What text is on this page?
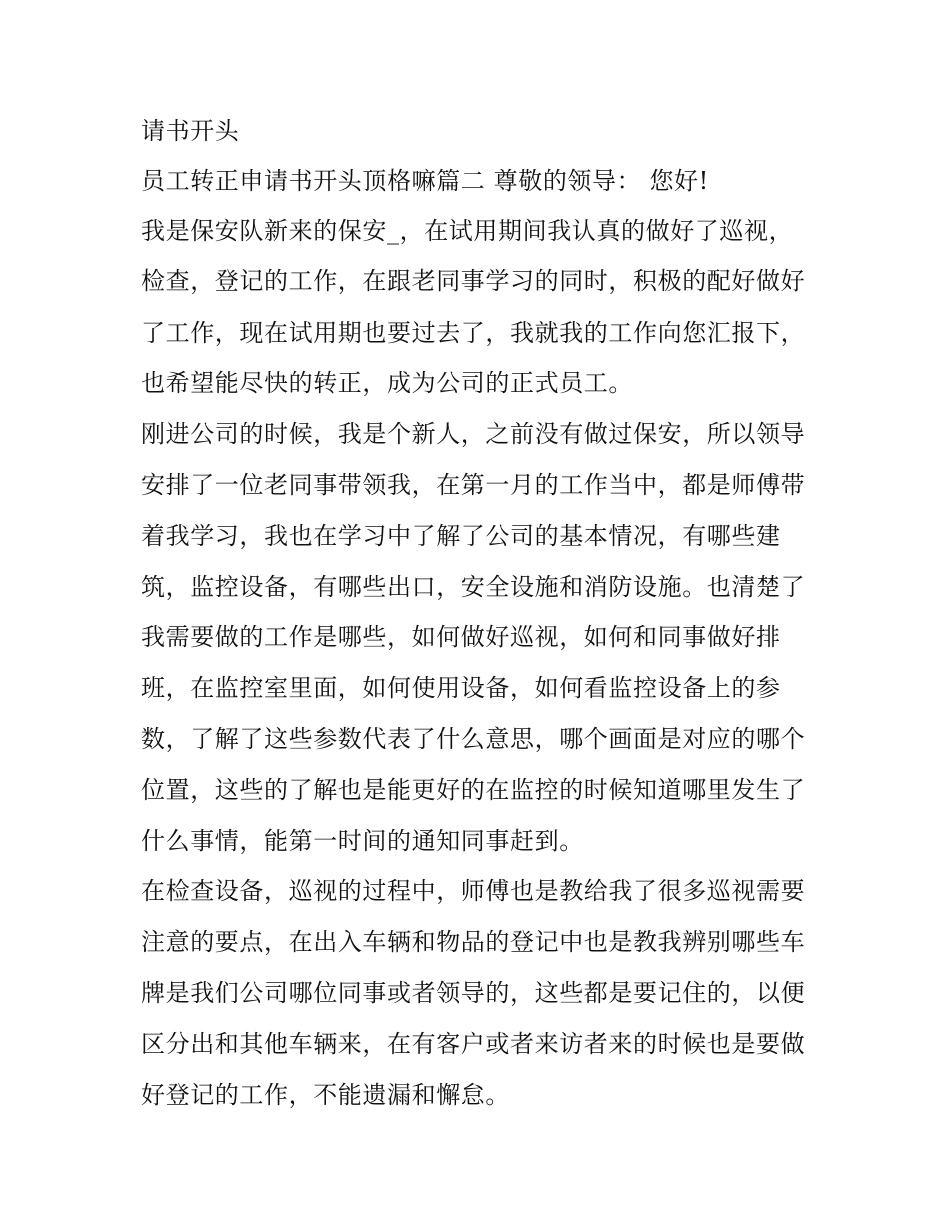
请书开头

员工转正申请书开头顶格嘛篇二 尊敬的领导： 您好!

我是保安队新来的保安_，在试用期间我认真的做好了巡视，

检查，登记的工作，在跟老同事学习的同时，积极的配好做好

了工作，现在试用期也要过去了，我就我的工作向您汇报下，

也希望能尽快的转正，成为公司的正式员工。

刚进公司的时候，我是个新人，之前没有做过保安，所以领导

安排了一位老同事带领我，在第一月的工作当中，都是师傅带

着我学习，我也在学习中了解了公司的基本情况，有哪些建

筑，监控设备，有哪些出口，安全设施和消防设施。也清楚了

我需要做的工作是哪些，如何做好巡视，如何和同事做好排

班，在监控室里面，如何使用设备，如何看监控设备上的参

数，了解了这些参数代表了什么意思，哪个画面是对应的哪个

位置，这些的了解也是能更好的在监控的时候知道哪里发生了

什么事情，能第一时间的通知同事赶到。

在检查设备，巡视的过程中，师傅也是教给我了很多巡视需要

注意的要点，在出入车辆和物品的登记中也是教我辨别哪些车

牌是我们公司哪位同事或者领导的，这些都是要记住的，以便

区分出和其他车辆来，在有客户或者来访者来的时候也是要做

好登记的工作，不能遗漏和懈怠。
